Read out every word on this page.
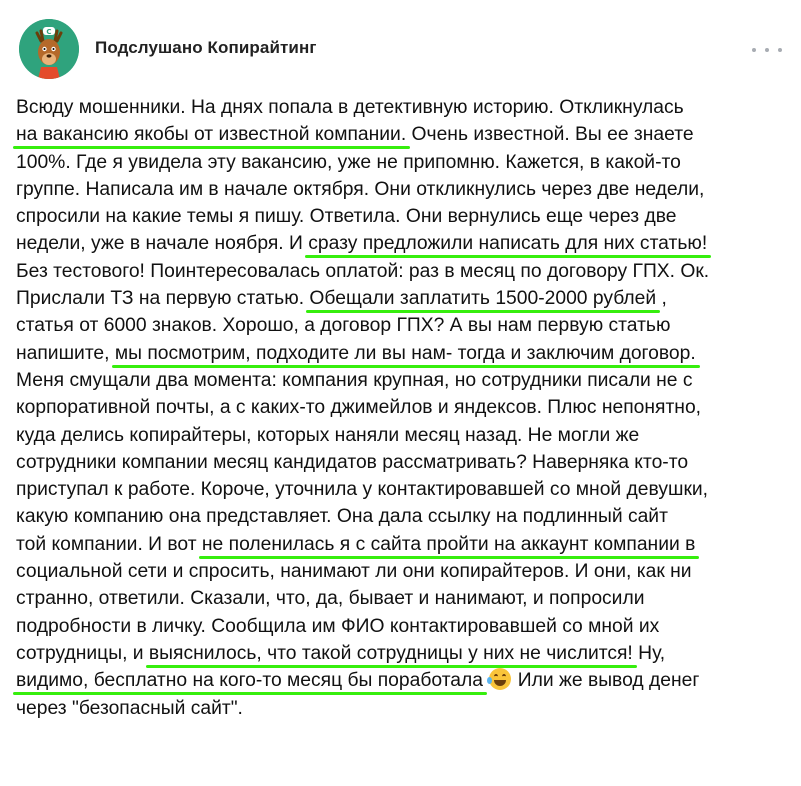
C
Подслушано Копирайтинг
Всюду мошенники. На днях попала в детективную историю. Откликнулась
на вакансию якобы от известной компании. Очень известной. Вы ее знаете
100%. Где я увидела эту вакансию, уже не припомню. Кажется, в какой-то
группе. Написала им в начале октября. Они откликнулись через две недели,
спросили на какие темы я пишу. Ответила. Они вернулись еще через две
недели, уже в начале ноября. И сразу предложили написать для них статью!
Без тестового! Поинтересовалась оплатой: раз в месяц по договору ГПХ. Ок.
Прислали ТЗ на первую статью. Обещали заплатить 1500-2000 рублей ,
статья от 6000 знаков. Хорошо, а договор ГПХ? А вы нам первую статью
напишите, мы посмотрим, подходите ли вы нам- тогда и заключим договор.
Меня смущали два момента: компания крупная, но сотрудники писали не с
корпоративной почты, а с каких-то джимейлов и яндексов. Плюс непонятно,
куда делись копирайтеры, которых наняли месяц назад. Не могли же
сотрудники компании месяц кандидатов рассматривать? Наверняка кто-то
приступал к работе. Короче, уточнила у контактировавшей со мной девушки,
какую компанию она представляет. Она дала ссылку на подлинный сайт
той компании. И вот не поленилась я с сайта пройти на аккаунт компании в
социальной сети и спросить, нанимают ли они копирайтеров. И они, как ни
странно, ответили. Сказали, что, да, бывает и нанимают, и попросили
подробности в личку. Сообщила им ФИО контактировавшей со мной их
сотрудницы, и выяснилось, что такой сотрудницы у них не числится! Ну,
видимо, бесплатно на кого-то месяц бы поработала
Или же вывод денег
через "безопасный сайт".
